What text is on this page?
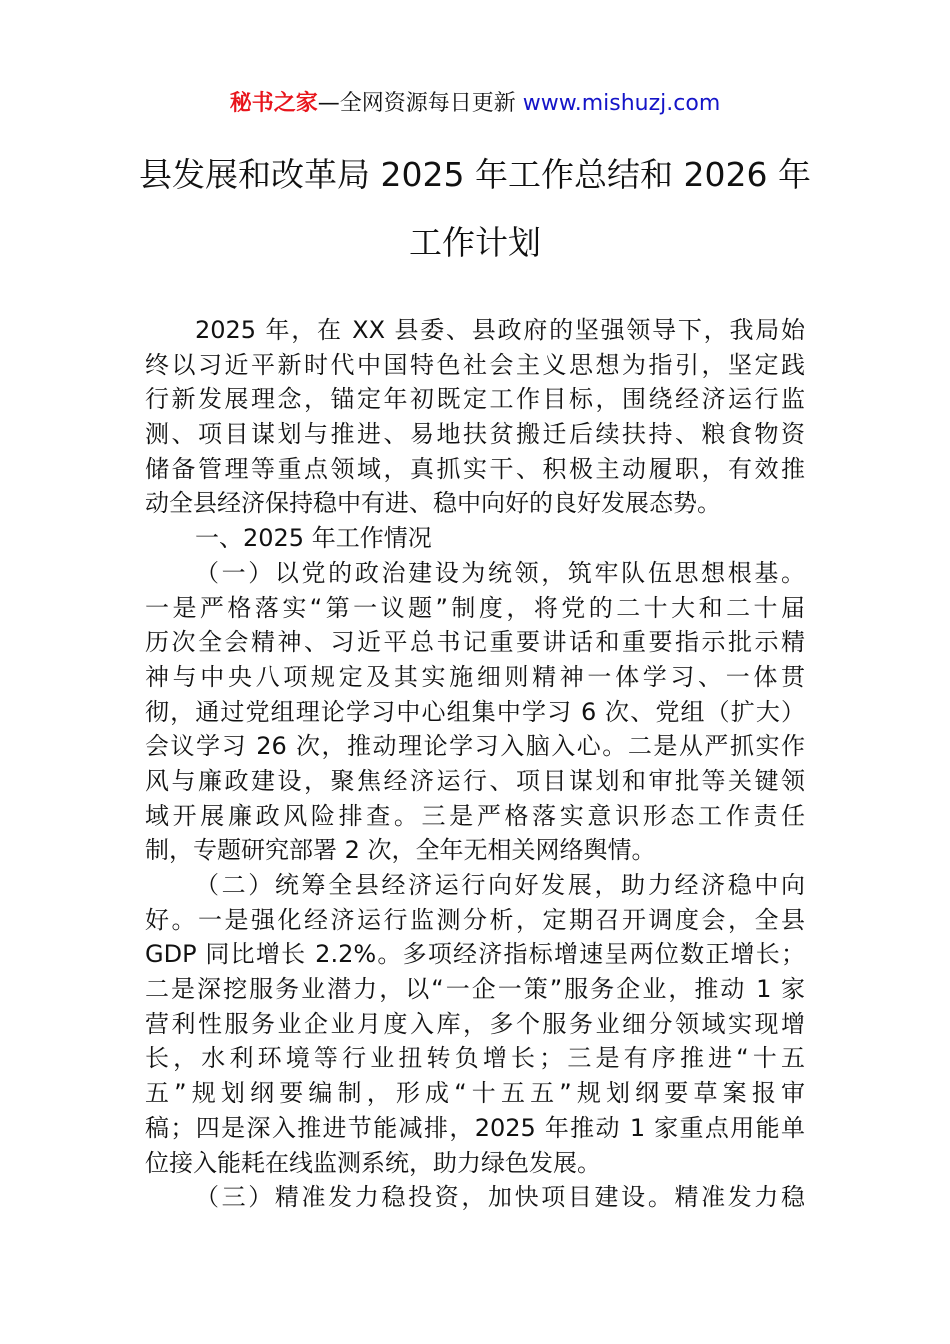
秘书之家—全网资源每日更新 www.mishuzj.com
县发展和改革局 2025 年工作总结和 2026 年
工作计划
2025 年，在 XX 县委、县政府的坚强领导下，我局始
终以习近平新时代中国特色社会主义思想为指引，坚定践
行新发展理念，锚定年初既定工作目标，围绕经济运行监
测、项目谋划与推进、易地扶贫搬迁后续扶持、粮食物资
储备管理等重点领域，真抓实干、积极主动履职，有效推
动全县经济保持稳中有进、稳中向好的良好发展态势。
一、2025 年工作情况
（一）以党的政治建设为统领，筑牢队伍思想根基。
一是严格落实“第一议题”制度，将党的二十大和二十届
历次全会精神、习近平总书记重要讲话和重要指示批示精
神与中央八项规定及其实施细则精神一体学习、一体贯
彻，通过党组理论学习中心组集中学习 6 次、党组（扩大）
会议学习 26 次，推动理论学习入脑入心。二是从严抓实作
风与廉政建设，聚焦经济运行、项目谋划和审批等关键领
域开展廉政风险排查。三是严格落实意识形态工作责任
制，专题研究部署 2 次，全年无相关网络舆情。
（二）统筹全县经济运行向好发展，助力经济稳中向
好。一是强化经济运行监测分析，定期召开调度会，全县
GDP 同比增长 2.2%。多项经济指标增速呈两位数正增长；
二是深挖服务业潜力，以“一企一策”服务企业，推动 1 家
营利性服务业企业月度入库，多个服务业细分领域实现增
长，水利环境等行业扭转负增长；三是有序推进“十五
五”规划纲要编制，形成“十五五”规划纲要草案报审
稿；四是深入推进节能减排，2025 年推动 1 家重点用能单
位接入能耗在线监测系统，助力绿色发展。
（三）精准发力稳投资，加快项目建设。精准发力稳
